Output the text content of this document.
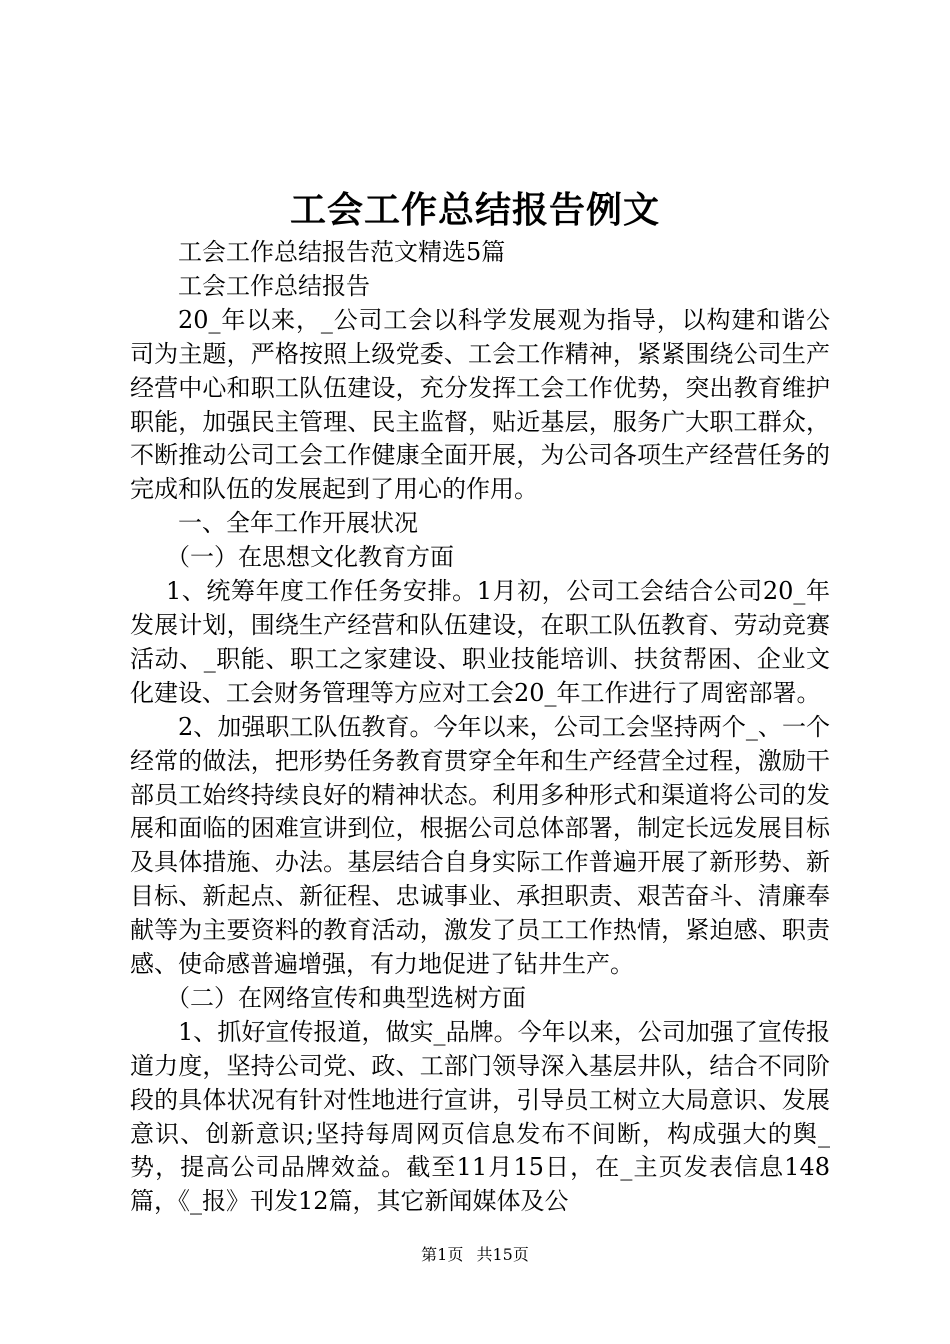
工会工作总结报告例文

工会工作总结报告范文精选5篇

工会工作总结报告

20_年以来，_公司工会以科学发展观为指导，以构建和谐公司为主题，严格按照上级党委、工会工作精神，紧紧围绕公司生产经营中心和职工队伍建设，充分发挥工会工作优势，突出教育维护职能，加强民主管理、民主监督，贴近基层，服务广大职工群众，不断推动公司工会工作健康全面开展，为公司各项生产经营任务的完成和队伍的发展起到了用心的作用。

一、全年工作开展状况

（一）在思想文化教育方面

1、统筹年度工作任务安排。1月初，公司工会结合公司20_年发展计划，围绕生产经营和队伍建设，在职工队伍教育、劳动竞赛活动、_职能、职工之家建设、职业技能培训、扶贫帮困、企业文化建设、工会财务管理等方应对工会20_年工作进行了周密部署。

2、加强职工队伍教育。今年以来，公司工会坚持两个_、一个经常的做法，把形势任务教育贯穿全年和生产经营全过程，激励干部员工始终持续良好的精神状态。利用多种形式和渠道将公司的发展和面临的困难宣讲到位，根据公司总体部署，制定长远发展目标及具体措施、办法。基层结合自身实际工作普遍开展了新形势、新目标、新起点、新征程、忠诚事业、承担职责、艰苦奋斗、清廉奉献等为主要资料的教育活动，激发了员工工作热情，紧迫感、职责感、使命感普遍增强，有力地促进了钻井生产。

（二）在网络宣传和典型选树方面

1、抓好宣传报道，做实_品牌。今年以来，公司加强了宣传报道力度，坚持公司党、政、工部门领导深入基层井队，结合不同阶段的具体状况有针对性地进行宣讲，引导员工树立大局意识、发展意识、创新意识;坚持每周网页信息发布不间断，构成强大的舆_势，提高公司品牌效益。截至11月15日，在_主页发表信息148篇，《_报》刊发12篇，其它新闻媒体及公

第1页 共15页
